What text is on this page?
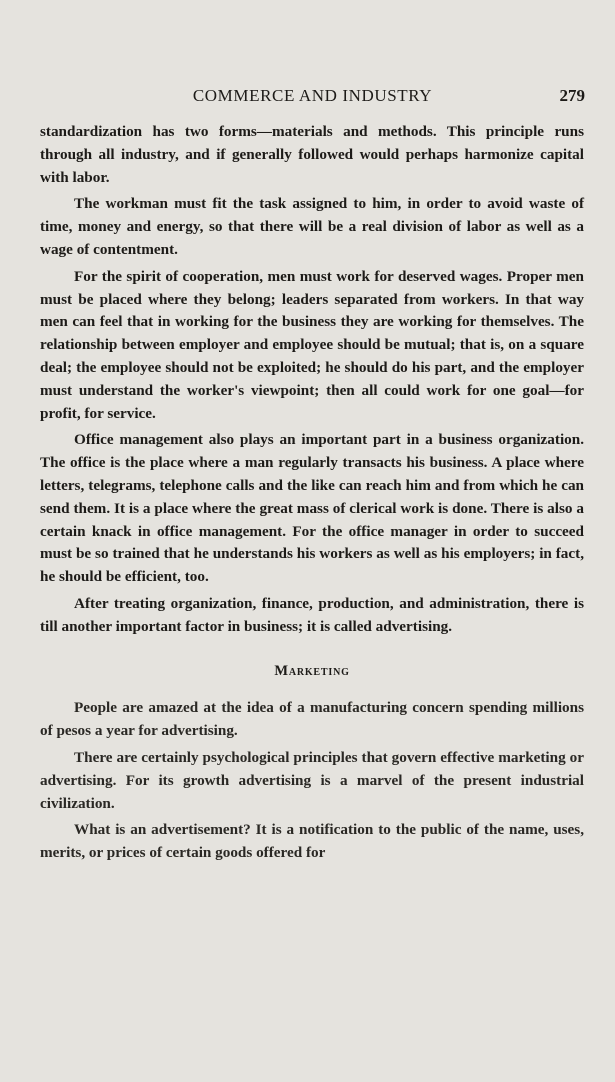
COMMERCE AND INDUSTRY	279

standardization has two forms—materials and methods. This principle runs through all industry, and if generally followed would perhaps harmonize capital with labor.

The workman must fit the task assigned to him, in order to avoid waste of time, money and energy, so that there will be a real division of labor as well as a wage of contentment.

For the spirit of cooperation, men must work for deserved wages. Proper men must be placed where they belong; leaders separated from workers. In that way men can feel that in working for the business they are working for themselves. The relationship between employer and employee should be mutual; that is, on a square deal; the employee should not be exploited; he should do his part, and the employer must understand the worker's viewpoint; then all could work for one goal—for profit, for service.

Office management also plays an important part in a business organization. The office is the place where a man regularly transacts his business. A place where letters, telegrams, telephone calls and the like can reach him and from which he can send them. It is a place where the great mass of clerical work is done. There is also a certain knack in office management. For the office manager in order to succeed must be so trained that he understands his workers as well as his employers; in fact, he should be efficient, too.

After treating organization, finance, production, and administration, there is till another important factor in business; it is called advertising.

Marketing

People are amazed at the idea of a manufacturing concern spending millions of pesos a year for advertising.

There are certainly psychological principles that govern effective marketing or advertising. For its growth advertising is a marvel of the present industrial civilization.

What is an advertisement? It is a notification to the public of the name, uses, merits, or prices of certain goods offered for
